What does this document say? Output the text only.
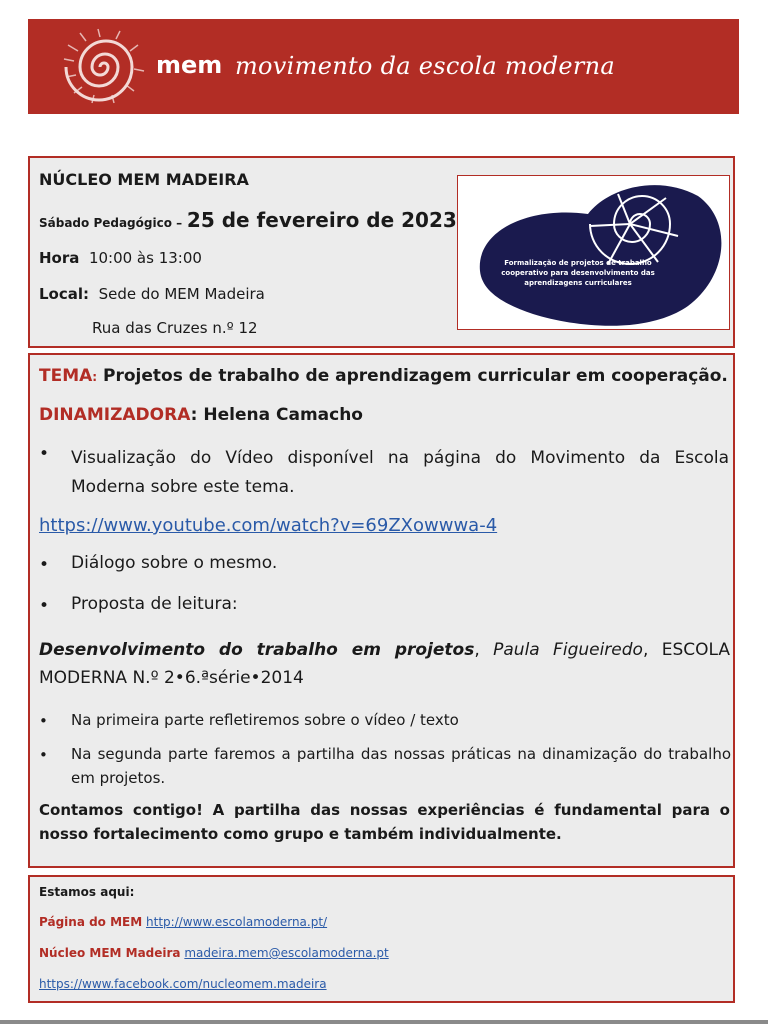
mem movimento da escola moderna
NÚCLEO MEM MADEIRA
Sábado Pedagógico – 25 de fevereiro de 2023
Hora 10:00 às 13:00
Local: Sede do MEM Madeira
Rua das Cruzes n.º 12
Formalização de projetos de trabalho cooperativo para desenvolvimento das aprendizagens curriculares
TEMA: Projetos de trabalho de aprendizagem curricular em cooperação.
DINAMIZADORA: Helena Camacho
• Visualização do Vídeo disponível na página do Movimento da Escola Moderna sobre este tema.
https://www.youtube.com/watch?v=69ZXowwwa-4
• Diálogo sobre o mesmo.
• Proposta de leitura:
Desenvolvimento do trabalho em projetos, Paula Figueiredo, ESCOLA MODERNA N.º 2•6.ªsérie•2014
• Na primeira parte refletiremos sobre o vídeo / texto
• Na segunda parte faremos a partilha das nossas práticas na dinamização do trabalho em projetos.
Contamos contigo! A partilha das nossas experiências é fundamental para o nosso fortalecimento como grupo e também individualmente.
Estamos aqui:
Página do MEM http://www.escolamoderna.pt/
Núcleo MEM Madeira madeira.mem@escolamoderna.pt
https://www.facebook.com/nucleomem.madeira
